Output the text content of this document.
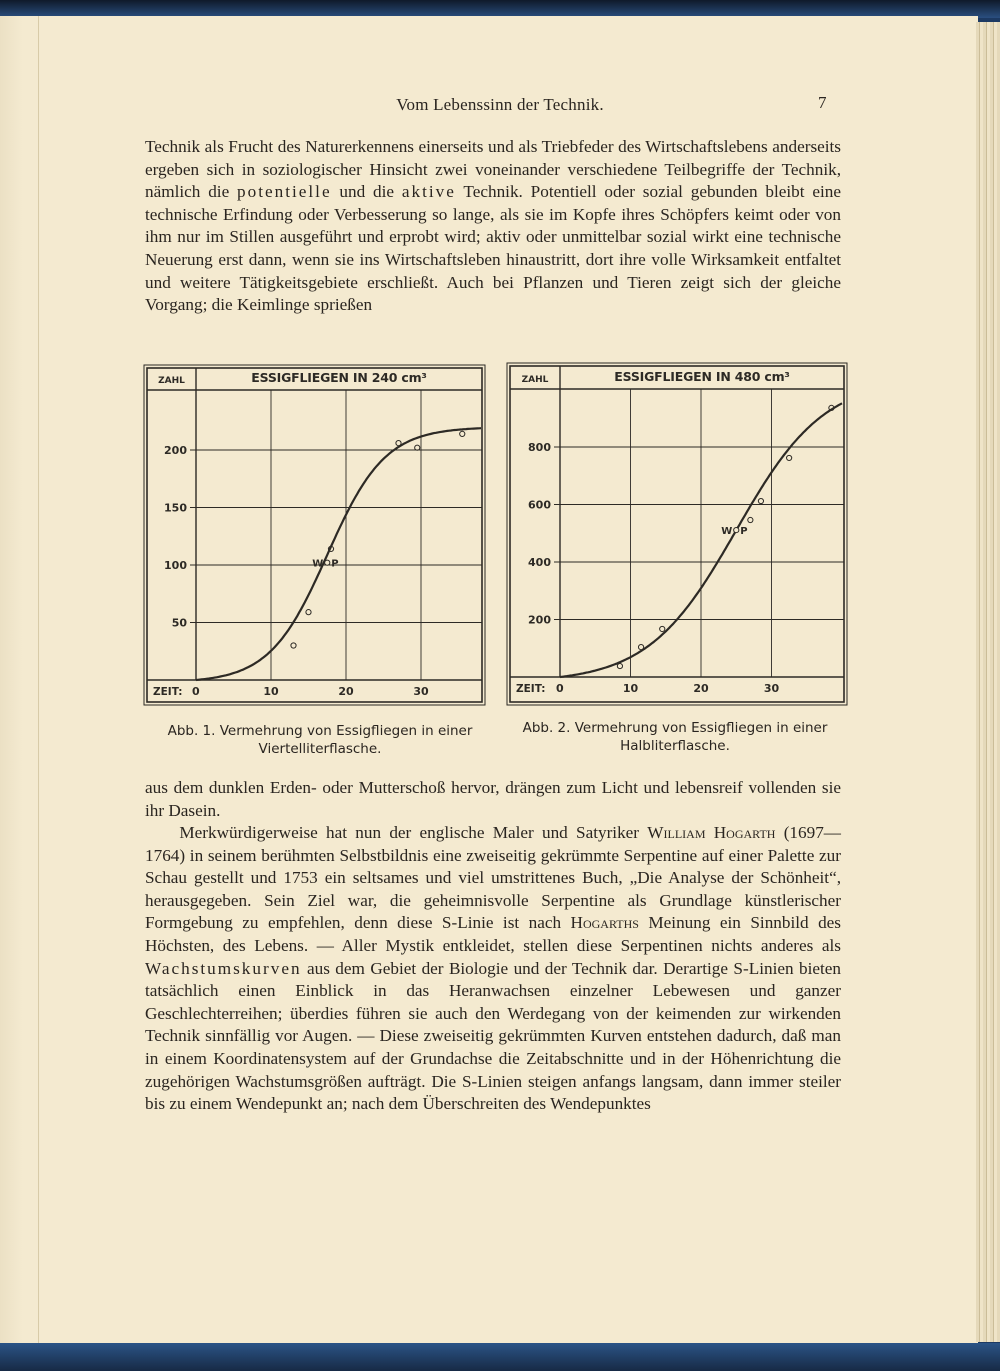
Vom Lebenssinn der Technik.	7
Technik als Frucht des Naturerkennens einerseits und als Triebfeder des Wirtschaftslebens anderseits ergeben sich in soziologischer Hinsicht zwei voneinander verschiedene Teilbegriffe der Technik, nämlich die potentielle und die aktive Technik. Potentiell oder sozial gebunden bleibt eine technische Erfindung oder Verbesserung so lange, als sie im Kopfe ihres Schöpfers keimt oder von ihm nur im Stillen ausgeführt und erprobt wird; aktiv oder unmittelbar sozial wirkt eine technische Neuerung erst dann, wenn sie ins Wirtschaftsleben hinaustritt, dort ihre volle Wirksamkeit entfaltet und weitere Tätigkeitsgebiete erschließt. Auch bei Pflanzen und Tieren zeigt sich der gleiche Vorgang; die Keimlinge sprießen
ZAHL
ZEIT: 0	10	20	30
50
100
150
200
W P
ESSIGFLIEGEN IN 240 cm³	ZAHL
ZEIT: 0	10	20	30
200
400
600
800
W P
ESSIGFLIEGEN IN 480 cm³
Abb. 1. Vermehrung von Essigfliegen in einer
Viertelliterflasche.
Abb. 2. Vermehrung von Essigfliegen in einer
Halbliterflasche.
aus dem dunklen Erden- oder Mutterschoß hervor, drängen zum Licht und lebensreif vollenden sie ihr Dasein.
Merkwürdigerweise hat nun der englische Maler und Satyriker William Hogarth (1697—1764) in seinem berühmten Selbstbildnis eine zweiseitig gekrümmte Serpentine auf einer Palette zur Schau gestellt und 1753 ein seltsames und viel umstrittenes Buch, „Die Analyse der Schönheit“, herausgegeben. Sein Ziel war, die geheimnisvolle Serpentine als Grundlage künstlerischer Formgebung zu empfehlen, denn diese S-Linie ist nach Hogarths Meinung ein Sinnbild des Höchsten, des Lebens. — Aller Mystik entkleidet, stellen diese Serpentinen nichts anderes als Wachstumskurven aus dem Gebiet der Biologie und der Technik dar. Derartige S-Linien bieten tatsächlich einen Einblick in das Heranwachsen einzelner Lebewesen und ganzer Geschlechterreihen; überdies führen sie auch den Werdegang von der keimenden zur wirkenden Technik sinnfällig vor Augen. — Diese zweiseitig gekrümmten Kurven entstehen dadurch, daß man in einem Koordinatensystem auf der Grundachse die Zeitabschnitte und in der Höhenrichtung die zugehörigen Wachstumsgrößen aufträgt. Die S-Linien steigen anfangs langsam, dann immer steiler bis zu einem Wendepunkt an; nach dem Überschreiten des Wendepunktes
